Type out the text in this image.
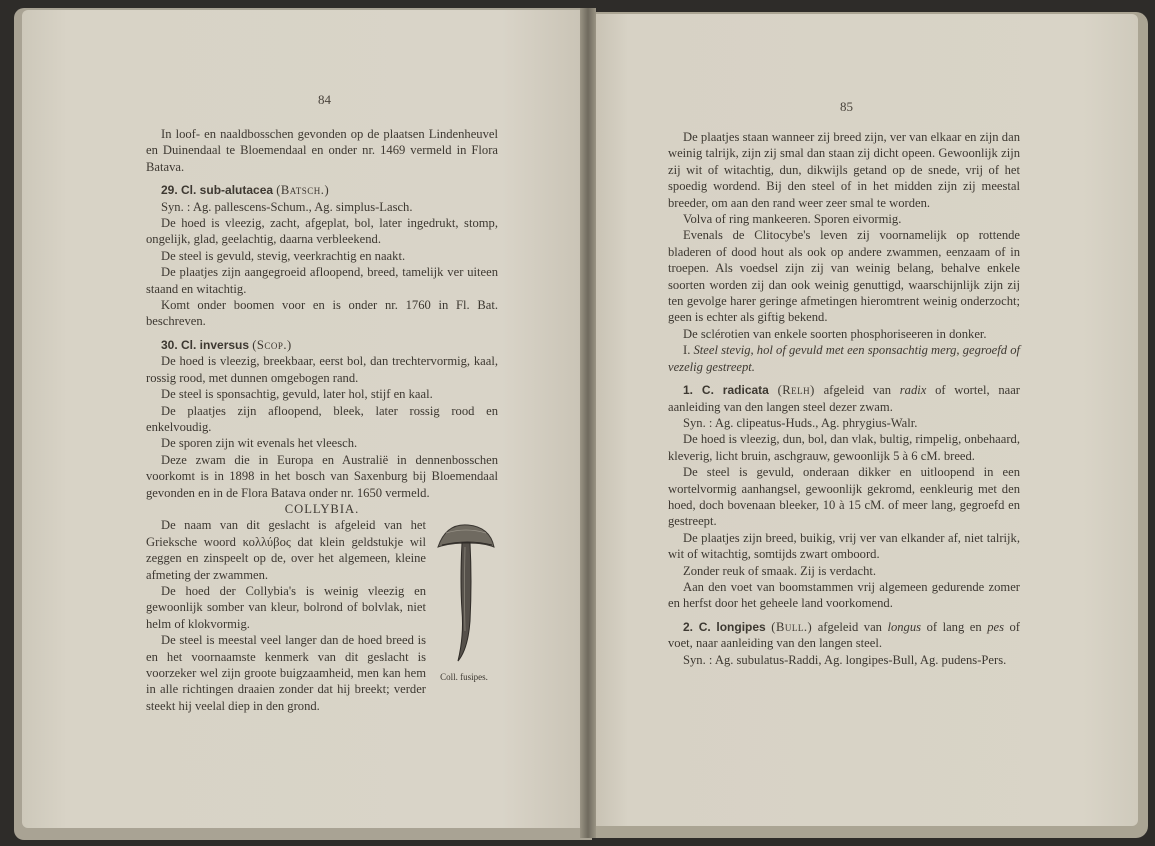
84	85

In loof- en naaldbosschen gevonden op de plaatsen Lindenheuvel en Duinendaal te Bloemendaal en onder nr. 1469 vermeld in Flora Batava.

29. Cl. sub-alutacea (Batsch.)

Syn. : Ag. pallescens-Schum., Ag. simplus-Lasch.

De hoed is vleezig, zacht, afgeplat, bol, later ingedrukt, stomp, ongelijk, glad, geelachtig, daarna verbleekend.

De steel is gevuld, stevig, veerkrachtig en naakt.

De plaatjes zijn aangegroeid afloopend, breed, tamelijk ver uiteen staand en witachtig.

Komt onder boomen voor en is onder nr. 1760 in Fl. Bat. beschreven.

30. Cl. inversus (Scop.)

De hoed is vleezig, breekbaar, eerst bol, dan trechtervormig, kaal, rossig rood, met dunnen omgebogen rand.

De steel is sponsachtig, gevuld, later hol, stijf en kaal.

De plaatjes zijn afloopend, bleek, later rossig rood en enkelvoudig.

De sporen zijn wit evenals het vleesch.

Deze zwam die in Europa en Australië in dennenbosschen voorkomt is in 1898 in het bosch van Saxenburg bij Bloemendaal gevonden en in de Flora Batava onder nr. 1650 vermeld.

COLLYBIA.

Coll. fusipes.

De naam van dit geslacht is afgeleid van het Grieksche woord κολλύβος dat klein geldstukje wil zeggen en zinspeelt op de, over het algemeen, kleine afmeting der zwammen.

De hoed der Collybia's is weinig vleezig en gewoonlijk somber van kleur, bolrond of bolvlak, niet helm of klokvormig.

De steel is meestal veel langer dan de hoed breed is en het voornaamste kenmerk van dit geslacht is voorzeker wel zijn groote buigzaamheid, men kan hem in alle richtingen draaien zonder dat hij breekt; verder steekt hij veelal diep in den grond.

De plaatjes staan wanneer zij breed zijn, ver van elkaar en zijn dan weinig talrijk, zijn zij smal dan staan zij dicht opeen. Gewoonlijk zijn zij wit of witachtig, dun, dikwijls getand op de snede, vrij of het spoedig wordend. Bij den steel of in het midden zijn zij meestal breeder, om aan den rand weer zeer smal te worden.

Volva of ring mankeeren. Sporen eivormig.

Evenals de Clitocybe's leven zij voornamelijk op rottende bladeren of dood hout als ook op andere zwammen, eenzaam of in troepen. Als voedsel zijn zij van weinig belang, behalve enkele soorten worden zij dan ook weinig genuttigd, waarschijnlijk zijn zij ten gevolge harer geringe afmetingen hieromtrent weinig onderzocht; geen is echter als giftig bekend.

De sclérotien van enkele soorten phosphoriseeren in donker.

I. Steel stevig, hol of gevuld met een sponsachtig merg, gegroefd of vezelig gestreept.

1. C. radicata (Relh) afgeleid van radix of wortel, naar aanleiding van den langen steel dezer zwam.

Syn. : Ag. clipeatus-Huds., Ag. phrygius-Walr.

De hoed is vleezig, dun, bol, dan vlak, bultig, rimpelig, onbehaard, kleverig, licht bruin, aschgrauw, gewoonlijk 5 à 6 cM. breed.

De steel is gevuld, onderaan dikker en uitloopend in een wortelvormig aanhangsel, gewoonlijk gekromd, eenkleurig met den hoed, doch bovenaan bleeker, 10 à 15 cM. of meer lang, gegroefd en gestreept.

De plaatjes zijn breed, buikig, vrij ver van elkander af, niet talrijk, wit of witachtig, somtijds zwart omboord.

Zonder reuk of smaak. Zij is verdacht.

Aan den voet van boomstammen vrij algemeen gedurende zomer en herfst door het geheele land voorkomend.

2. C. longipes (Bull.) afgeleid van longus of lang en pes of voet, naar aanleiding van den langen steel.

Syn. : Ag. subulatus-Raddi, Ag. longipes-Bull, Ag. pudens-Pers.
